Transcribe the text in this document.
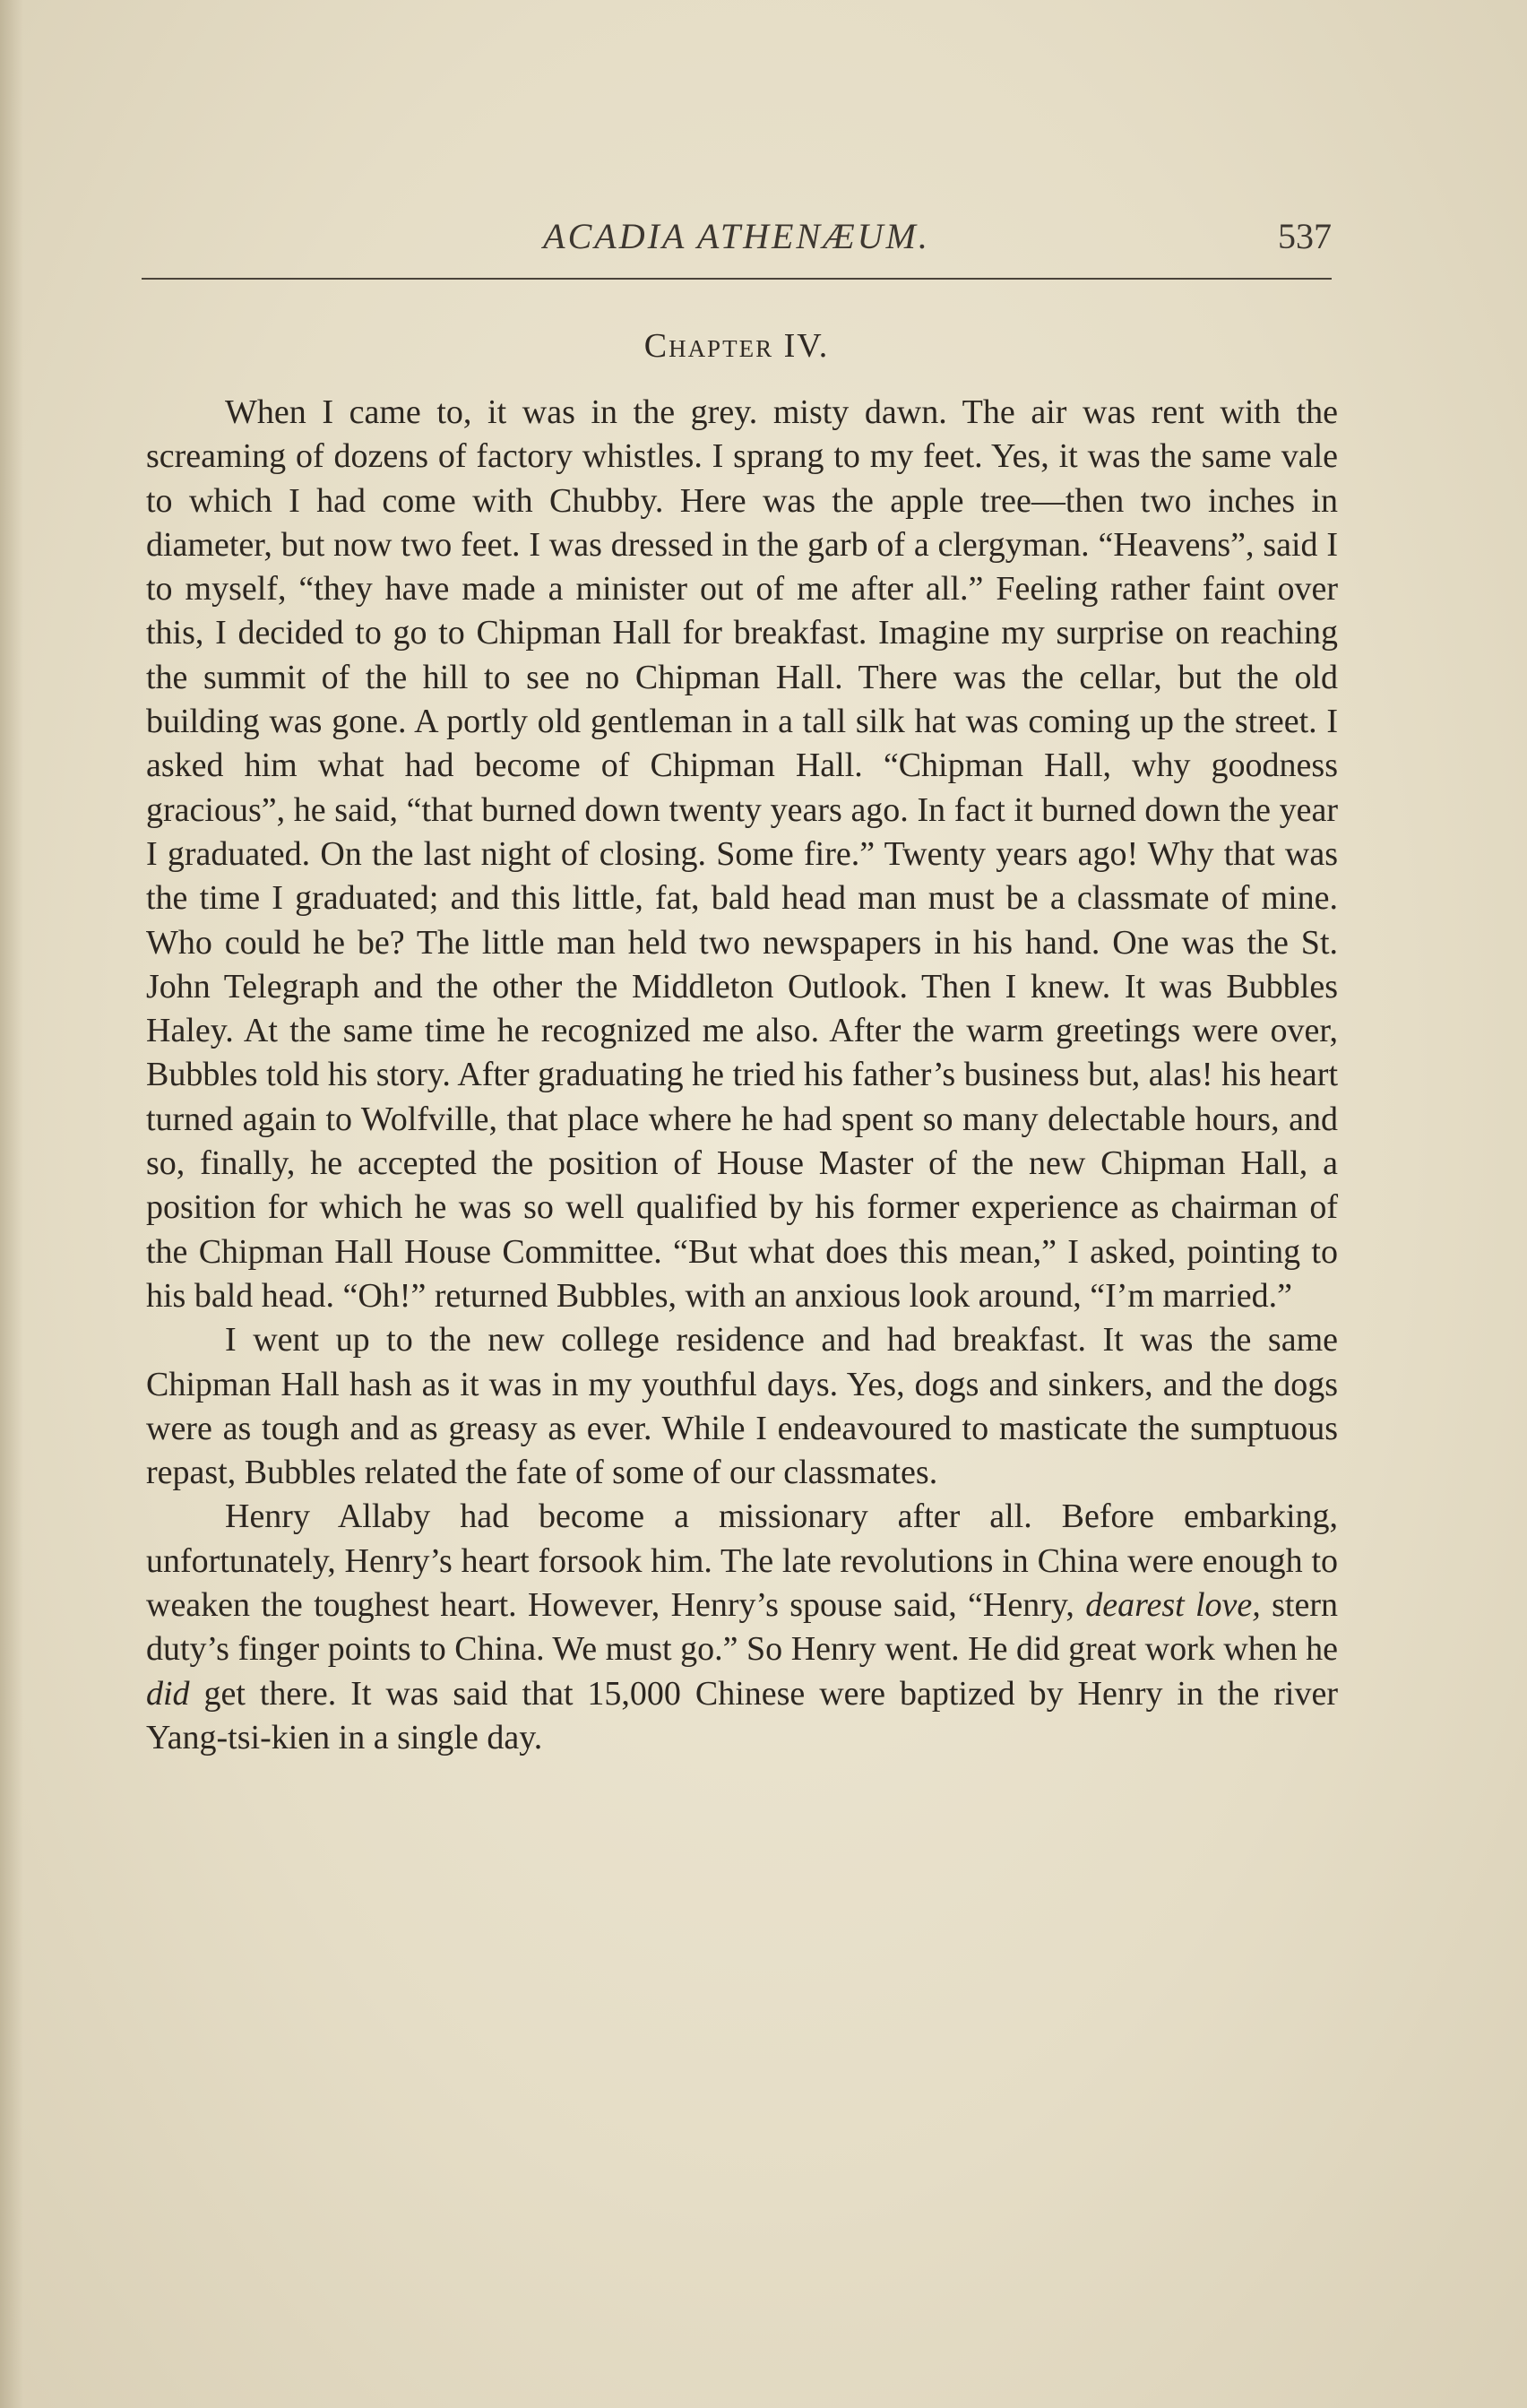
ACADIA ATHENÆUM.	537
Chapter IV.

When I came to, it was in the grey. misty dawn. The air was rent with the screaming of dozens of factory whistles. I sprang to my feet. Yes, it was the same vale to which I had come with Chubby. Here was the apple tree—then two inches in diameter, but now two feet. I was dressed in the garb of a clergyman. “Heavens”, said I to myself, “they have made a minister out of me after all.” Feeling rather faint over this, I decided to go to Chipman Hall for breakfast. Imagine my surprise on reaching the summit of the hill to see no Chipman Hall. There was the cellar, but the old building was gone. A portly old gentleman in a tall silk hat was coming up the street. I asked him what had become of Chipman Hall. “Chipman Hall, why goodness gracious”, he said, “that burned down twenty years ago. In fact it burned down the year I graduated. On the last night of closing. Some fire.” Twenty years ago! Why that was the time I graduated; and this little, fat, bald head man must be a classmate of mine. Who could he be? The little man held two newspapers in his hand. One was the St. John Telegraph and the other the Middleton Outlook. Then I knew. It was Bubbles Haley. At the same time he recognized me also. After the warm greetings were over, Bubbles told his story. After graduating he tried his father’s business but, alas! his heart turned again to Wolfville, that place where he had spent so many delectable hours, and so, finally, he accepted the position of House Master of the new Chipman Hall, a position for which he was so well qualified by his former experience as chairman of the Chipman Hall House Committee. “But what does this mean,” I asked, pointing to his bald head. “Oh!” returned Bubbles, with an anxious look around, “I’m married.”

I went up to the new college residence and had breakfast. It was the same Chipman Hall hash as it was in my youthful days. Yes, dogs and sinkers, and the dogs were as tough and as greasy as ever. While I endeavoured to masticate the sumptuous repast, Bubbles related the fate of some of our classmates.

Henry Allaby had become a missionary after all. Before embarking, unfortunately, Henry’s heart forsook him. The late revolutions in China were enough to weaken the toughest heart. However, Henry’s spouse said, “Henry, dearest love, stern duty’s finger points to China. We must go.” So Henry went. He did great work when he did get there. It was said that 15,000 Chinese were baptized by Henry in the river Yang-tsi-kien in a single day.
